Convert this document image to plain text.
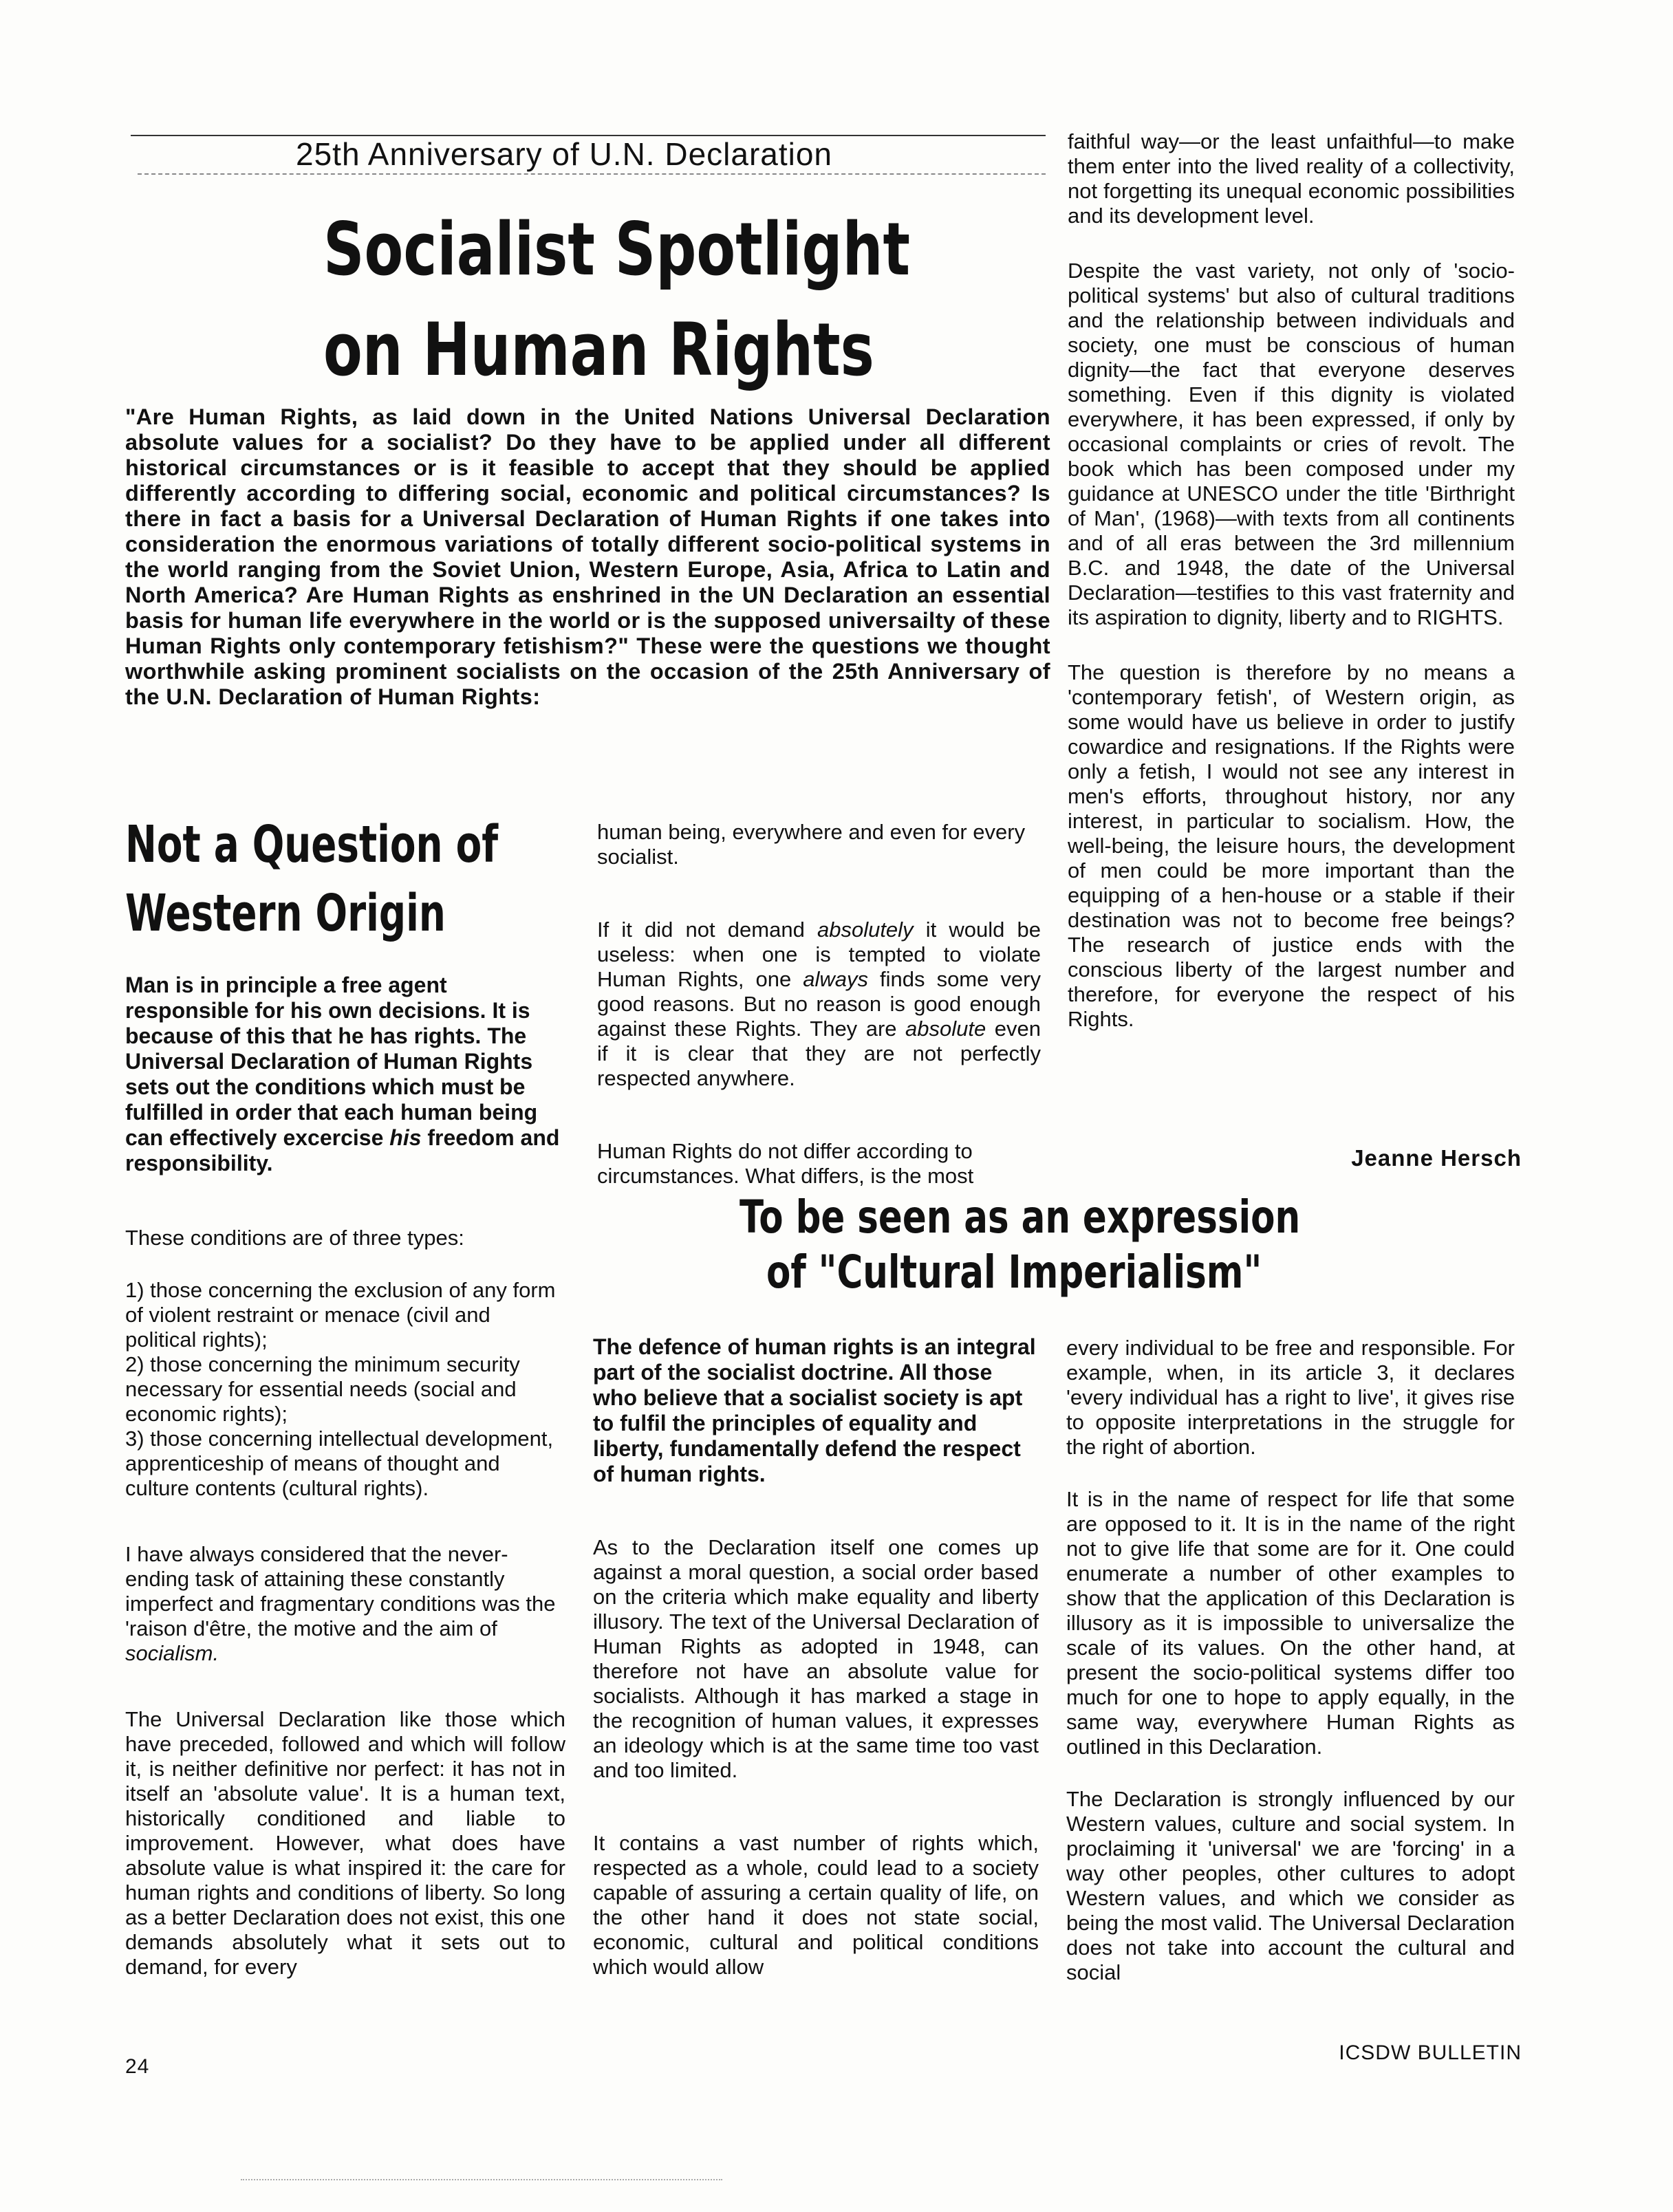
25th Anniversary of U.N. Declaration
Socialist Spotlight
on Human Rights
"Are Human Rights, as laid down in the United Nations Universal Declaration absolute values for a socialist? Do they have to be applied under all different historical circumstances or is it feasible to accept that they should be applied differently according to differing social, economic and political circumstances? Is there in fact a basis for a Universal Declaration of Human Rights if one takes into consideration the enormous variations of totally different socio-political systems in the world ranging from the Soviet Union, Western Europe, Asia, Africa to Latin and North America? Are Human Rights as enshrined in the UN Declaration an essential basis for human life everywhere in the world or is the supposed universailty of these Human Rights only contemporary fetishism?" These were the questions we thought worthwhile asking prominent socialists on the occasion of the 25th Anniversary of the U.N. Declaration of Human Rights:
Not a Question of
Western Origin

Man is in principle a free agent responsible for his own decisions. It is because of this that he has rights. The Universal Declaration of Human Rights sets out the conditions which must be fulfilled in order that each human being can effectively excercise his freedom and responsibility.

These conditions are of three types:

1) those concerning the exclusion of any form of violent restraint or menace (civil and political rights);
2) those concerning the minimum security necessary for essential needs (social and economic rights);
3) those concerning intellectual development, apprenticeship of means of thought and culture contents (cultural rights).

I have always considered that the never-ending task of attaining these constantly imperfect and fragmentary conditions was the 'raison d'être, the motive and the aim of socialism.

The Universal Declaration like those which have preceded, followed and which will follow it, is neither definitive nor perfect: it has not in itself an 'absolute value'. It is a human text, historically conditioned and liable to improvement. However, what does have absolute value is what inspired it: the care for human rights and conditions of liberty. So long as a better Declaration does not exist, this one demands absolutely what it sets out to demand, for every

human being, everywhere and even for every socialist.

If it did not demand absolutely it would be useless: when one is tempted to violate Human Rights, one always finds some very good reasons. But no reason is good enough against these Rights. They are absolute even if it is clear that they are not perfectly respected anywhere.

Human Rights do not differ according to circumstances. What differs, is the most

faithful way—or the least unfaithful—to make them enter into the lived reality of a collectivity, not forgetting its unequal economic possibilities and its development level.

Despite the vast variety, not only of 'socio-political systems' but also of cultural traditions and the relationship between individuals and society, one must be conscious of human dignity—the fact that everyone deserves something. Even if this dignity is violated everywhere, it has been expressed, if only by occasional complaints or cries of revolt. The book which has been composed under my guidance at UNESCO under the title 'Birthright of Man', (1968)—with texts from all continents and of all eras between the 3rd millennium B.C. and 1948, the date of the Universal Declaration—testifies to this vast fraternity and its aspiration to dignity, liberty and to RIGHTS.

The question is therefore by no means a 'contemporary fetish', of Western origin, as some would have us believe in order to justify cowardice and resignations. If the Rights were only a fetish, I would not see any interest in men's efforts, throughout history, nor any interest, in particular to socialism. How, the well-being, the leisure hours, the development of men could be more important than the equipping of a hen-house or a stable if their destination was not to become free beings? The research of justice ends with the conscious liberty of the largest number and therefore, for everyone the respect of his Rights.

Jeanne Hersch
To be seen as an expression
of "Cultural Imperialism"

The defence of human rights is an integral part of the socialist doctrine. All those who believe that a socialist society is apt to fulfil the principles of equality and liberty, fundamentally defend the respect of human rights.

As to the Declaration itself one comes up against a moral question, a social order based on the criteria which make equality and liberty illusory. The text of the Universal Declaration of Human Rights as adopted in 1948, can therefore not have an absolute value for socialists. Although it has marked a stage in the recognition of human values, it expresses an ideology which is at the same time too vast and too limited.

It contains a vast number of rights which, respected as a whole, could lead to a society capable of assuring a certain quality of life, on the other hand it does not state social, economic, cultural and political conditions which would allow

every individual to be free and responsible. For example, when, in its article 3, it declares 'every individual has a right to live', it gives rise to opposite interpretations in the struggle for the right of abortion.

It is in the name of respect for life that some are opposed to it. It is in the name of the right not to give life that some are for it. One could enumerate a number of other examples to show that the application of this Declaration is illusory as it is impossible to universalize the scale of its values. On the other hand, at present the socio-political systems differ too much for one to hope to apply equally, in the same way, everywhere Human Rights as outlined in this Declaration.

The Declaration is strongly influenced by our Western values, culture and social system. In proclaiming it 'universal' we are 'forcing' in a way other peoples, other cultures to adopt Western values, and which we consider as being the most valid. The Universal Declaration does not take into account the cultural and social

24
ICSDW BULLETIN
